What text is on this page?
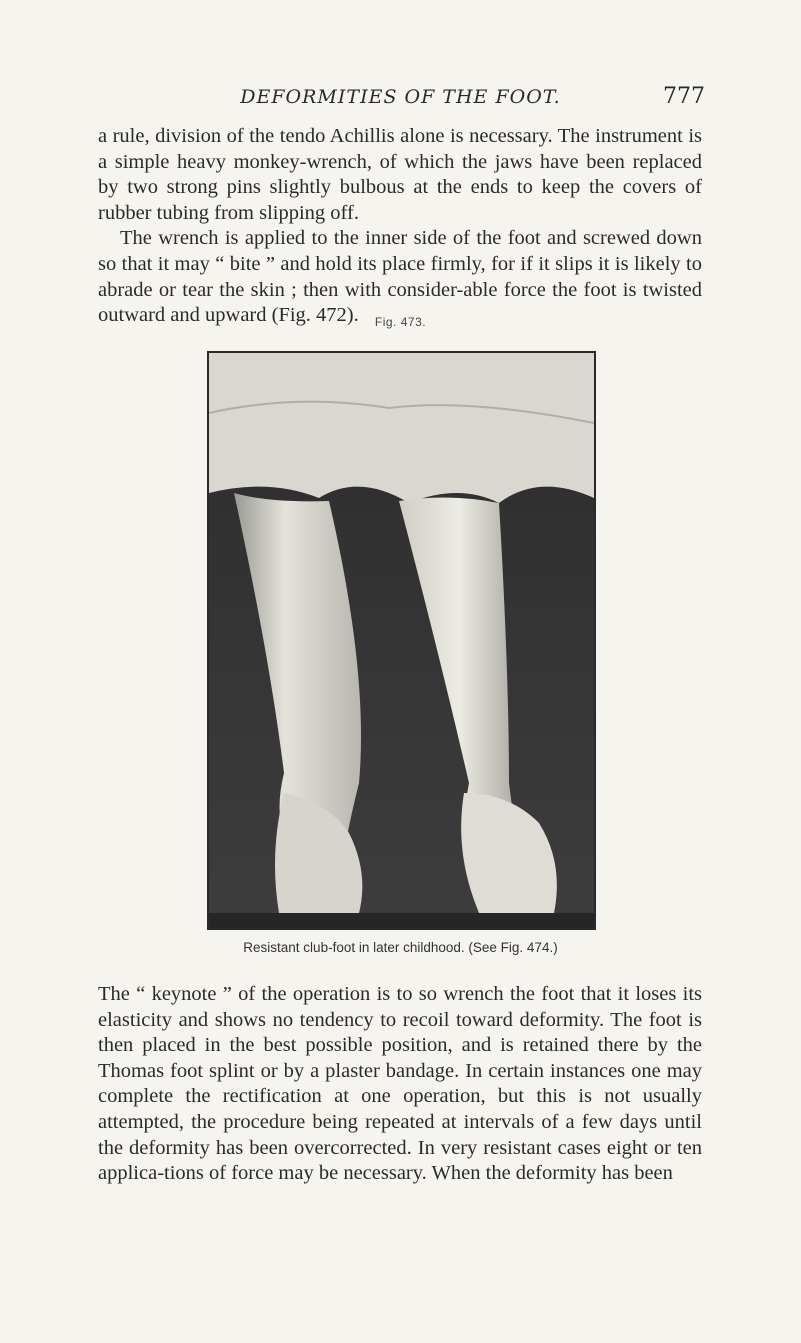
DEFORMITIES OF THE FOOT.	777

a rule, division of the tendo Achillis alone is necessary. The instrument is a simple heavy monkey-wrench, of which the jaws have been replaced by two strong pins slightly bulbous at the ends to keep the covers of rubber tubing from slipping off.

The wrench is applied to the inner side of the foot and screwed down so that it may “ bite ” and hold its place firmly, for if it slips it is likely to abrade or tear the skin ; then with consider-able force the foot is twisted outward and upward (Fig. 472).	Fig. 473.
Resistant club-foot in later childhood. (See Fig. 474.)

The “ keynote ” of the operation is to so wrench the foot that it loses its elasticity and shows no tendency to recoil toward deformity. The foot is then placed in the best possible position, and is retained there by the Thomas foot splint or by a plaster bandage. In certain instances one may complete the rectification at one operation, but this is not usually attempted, the procedure being repeated at intervals of a few days until the deformity has been overcorrected. In very resistant cases eight or ten applica-tions of force may be necessary. When the deformity has been
